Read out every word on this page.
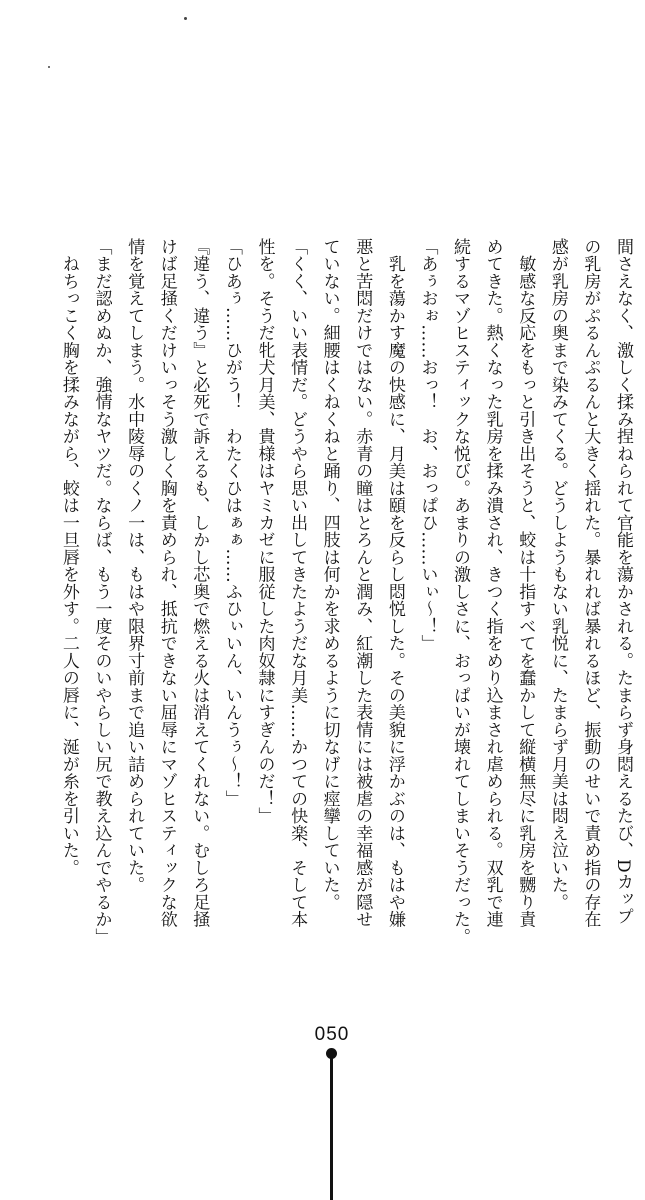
間さえなく、激しく揉み捏ねられて官能を蕩かされる。たまらず身悶えるたび、Dカップ

の乳房がぷるんぷるんと大きく揺れた。暴れれば暴れるほど、振動のせいで責め指の存在

感が乳房の奥まで染みてくる。どうしようもない乳悦に、たまらず月美は悶え泣いた。

　敏感な反応をもっと引き出そうと、蛟は十指すべてを蠢かして縦横無尽に乳房を嬲り責

めてきた。熱くなった乳房を揉み潰され、きつく指をめり込まされ虐められる。双乳で連

続するマゾヒスティックな悦び。あまりの激しさに、おっぱいが壊れてしまいそうだった。

「あぅおぉ……おっ！　お、おっぱひ……いぃ～！」

　乳を蕩かす魔の快感に、月美は頤を反らし悶悦した。その美貌に浮かぶのは、もはや嫌

悪と苦悶だけではない。赤青の瞳はとろんと潤み、紅潮した表情には被虐の幸福感が隠せ

ていない。細腰はくねくねと踊り、四肢は何かを求めるように切なげに痙攣していた。

「くく、いい表情だ。どうやら思い出してきたようだな月美……かつての快楽、そして本

性を。そうだ牝犬月美、貴様はヤミカゼに服従した肉奴隷にすぎんのだ！」

「ひあぅ……ひがう！　わたくひはぁぁ……ふひぃいん、いんうぅ～！」

『違う、違う』と必死で訴えるも、しかし芯奥で燃える火は消えてくれない。むしろ足掻

けば足掻くだけいっそう激しく胸を責められ、抵抗できない屈辱にマゾヒスティックな欲

情を覚えてしまう。水中陵辱のくノ一は、もはや限界寸前まで追い詰められていた。

「まだ認めぬか、強情なヤツだ。ならば、もう一度そのいやらしい尻で教え込んでやるか」

　ねちっこく胸を揉みながら、蛟は一旦唇を外す。二人の唇に、涎が糸を引いた。

050
